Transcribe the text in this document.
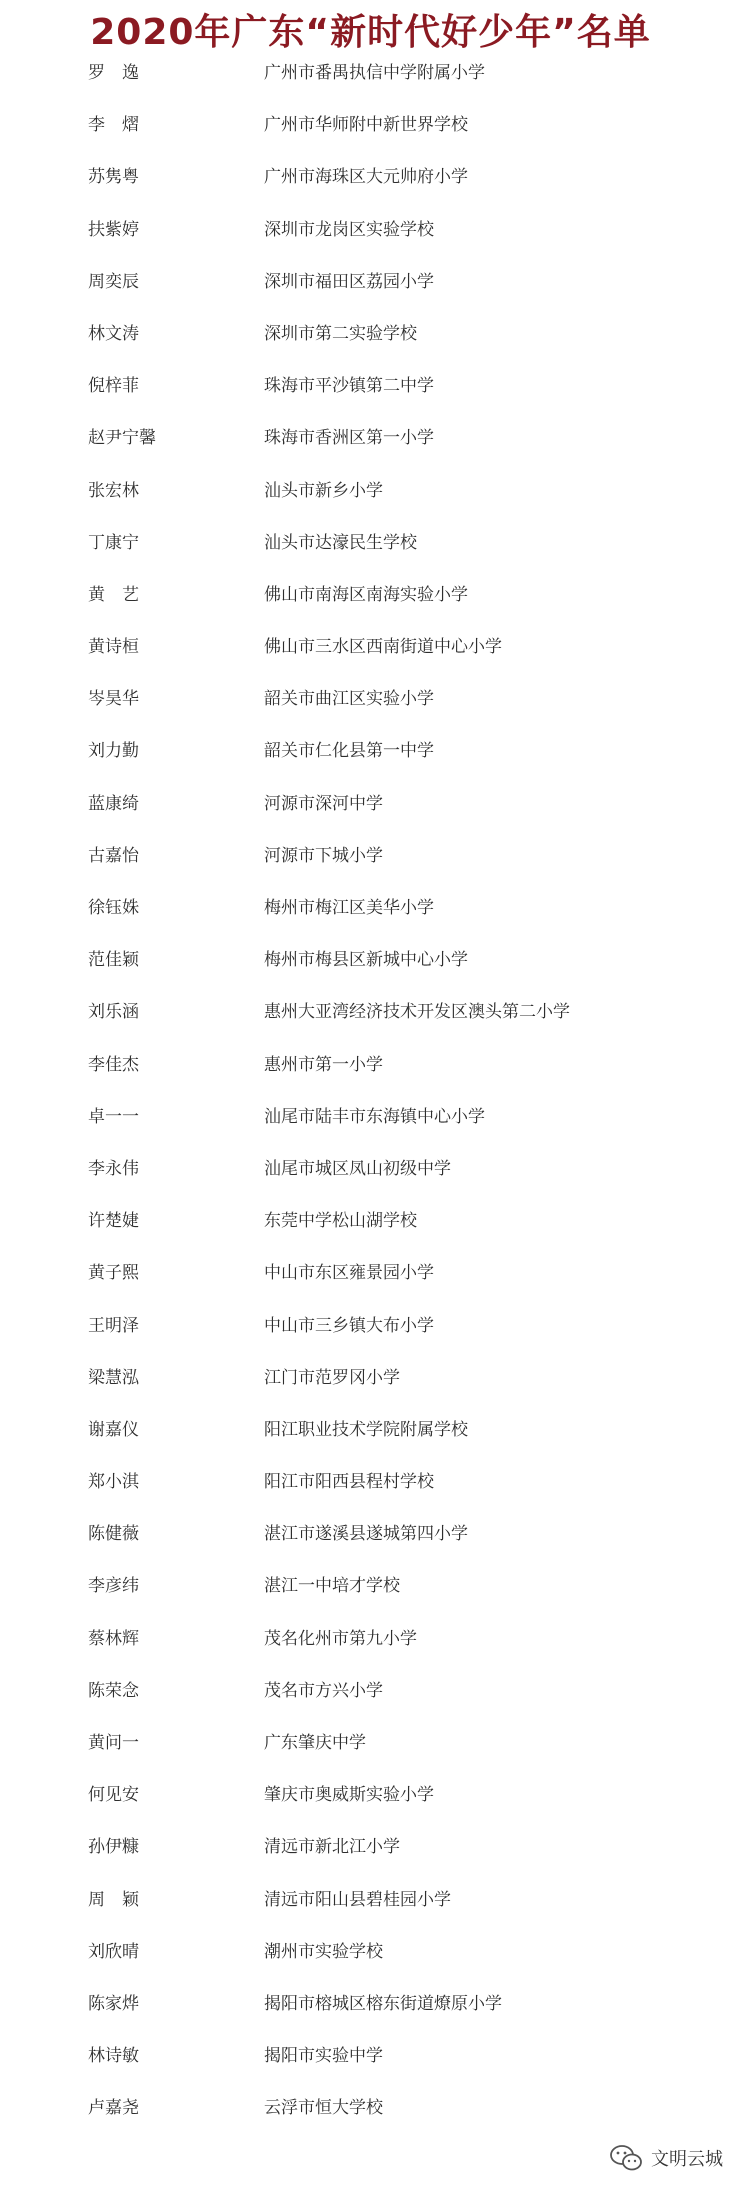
2020年广东“新时代好少年”名单
罗　逸	广州市番禺执信中学附属小学
李　熠	广州市华师附中新世界学校
苏隽粤	广州市海珠区大元帅府小学
扶紫婷	深圳市龙岗区实验学校
周奕辰	深圳市福田区荔园小学
林文涛	深圳市第二实验学校
倪梓菲	珠海市平沙镇第二中学
赵尹宁馨	珠海市香洲区第一小学
张宏林	汕头市新乡小学
丁康宁	汕头市达濠民生学校
黄　艺	佛山市南海区南海实验小学
黄诗桓	佛山市三水区西南街道中心小学
岑昊华	韶关市曲江区实验小学
刘力勤	韶关市仁化县第一中学
蓝康绮	河源市深河中学
古嘉怡	河源市下城小学
徐钰姝	梅州市梅江区美华小学
范佳颖	梅州市梅县区新城中心小学
刘乐涵	惠州大亚湾经济技术开发区澳头第二小学
李佳杰	惠州市第一小学
卓一一	汕尾市陆丰市东海镇中心小学
李永伟	汕尾市城区凤山初级中学
许楚婕	东莞中学松山湖学校
黄子熙	中山市东区雍景园小学
王明泽	中山市三乡镇大布小学
梁慧泓	江门市范罗冈小学
谢嘉仪	阳江职业技术学院附属学校
郑小淇	阳江市阳西县程村学校
陈健薇	湛江市遂溪县遂城第四小学
李彦纬	湛江一中培才学校
蔡林辉	茂名化州市第九小学
陈荣念	茂名市方兴小学
黄问一	广东肇庆中学
何见安	肇庆市奥威斯实验小学
孙伊糠	清远市新北江小学
周　颖	清远市阳山县碧桂园小学
刘欣晴	潮州市实验学校
陈家烨	揭阳市榕城区榕东街道燎原小学
林诗敏	揭阳市实验中学
卢嘉尧	云浮市恒大学校
文明云城
